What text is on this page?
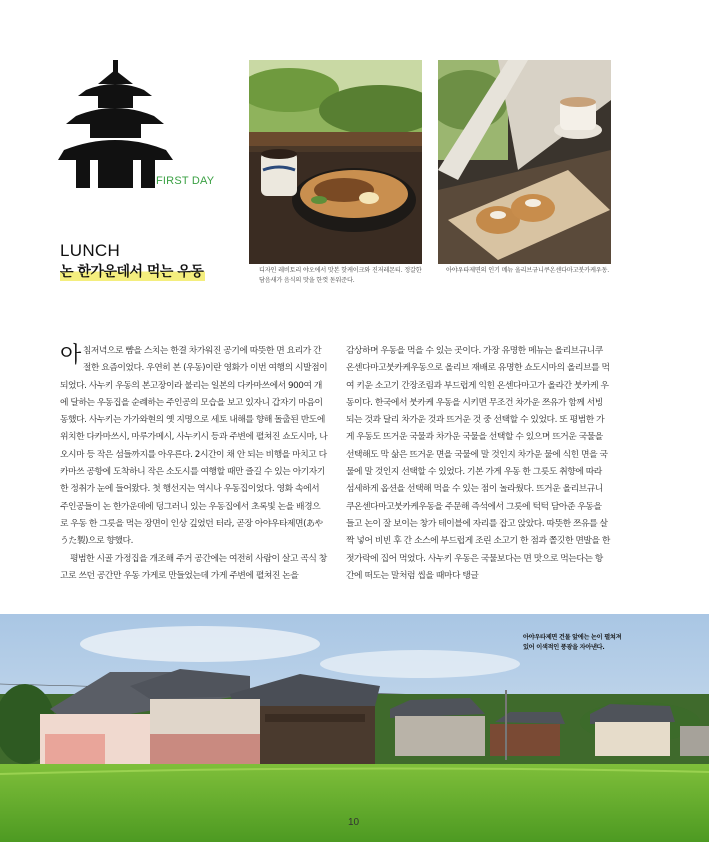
FIRST DAY
LUNCH
논 한가운데서 먹는 우동	디자인 레비토리 야오에서 맛본 핫케이크와 진저레몬티. 정갈한 담음새가 음식의 맛을 한껏 돋워준다.
아야우타제면의 인기 메뉴 올리브규니쿠온센다마고붓카케우동.
아침저녁으로 뺨을 스치는 한결 차가워진 공기에 따뜻한 면 요리가 간절한 요즘이었다. 우연히 본 (우동)이란 영화가 이번 여행의 시발점이 되었다. 사누키 우동의 본고장이라 불리는 일본의 다카마쓰에서 900여 개에 달하는 우동집을 순례하는 주인공의 모습을 보고 있자니 갑자기 마음이 동했다. 사누키는 가가와현의 옛 지명으로 세토 내해를 향해 돌출된 반도에 위치한 다카마쓰시, 마루가메시, 사누키시 등과 주변에 펼쳐진 쇼도시마, 나오시마 등 작은 섬들까지를 아우른다. 2시간이 채 안 되는 비행을 마치고 다카마쓰 공항에 도착하니 작은 소도시를 여행할 때만 즐길 수 있는 아기자기한 정취가 눈에 들어왔다. 첫 행선지는 역시나 우동집이었다. 영화 속에서 주인공들이 논 한가운데에 덩그러니 있는 우동집에서 초록빛 논을 배경으로 우동 한 그릇을 먹는 장면이 인상 깊었던 터라, 곧장 아야우타제면(あやうた製)으로 향했다.
평범한 시골 가정집을 개조해 주거 공간에는 여전히 사람이 살고 곡식 창고로 쓰던 공간만 우동 가게로 만들었는데 가게 주변에 펼쳐진 논을
감상하며 우동을 먹을 수 있는 곳이다. 가장 유명한 메뉴는 올리브규니쿠온센다마고붓카케우동으로 올리브 재배로 유명한 쇼도시마의 올리브를 먹여 키운 소고기 간장조림과 부드럽게 익힌 온센다마고가 올라간 붓카케 우동이다. 한국에서 붓카케 우동을 시키면 무조건 차가운 쯔유가 함께 서빙되는 것과 달리 차가운 것과 뜨거운 것 중 선택할 수 있었다. 또 평범한 가게 우동도 뜨거운 국물과 차가운 국물을 선택할 수 있으며 뜨거운 국물을 선택해도 막 삶은 뜨거운 면을 국물에 말 것인지 차가운 물에 식힌 면을 국물에 말 것인지 선택할 수 있었다. 기본 가게 우동 한 그릇도 취향에 따라 섬세하게 옵션을 선택해 먹을 수 있는 점이 놀라웠다. 뜨거운 올리브규니쿠온센다마고붓카케우동을 주문해 즉석에서 그릇에 턱턱 담아준 우동을 들고 논이 잘 보이는 창가 테이블에 자리를 잡고 앉았다. 따뜻한 쯔유를 살짝 넣어 비빈 후 간 소스에 부드럽게 조린 소고기 한 점과 쫄깃한 면발을 한 젓가락에 집어 먹었다. 사누키 우동은 국물보다는 면 맛으로 먹는다는 항간에 떠도는 말처럼 씹을 때마다 탱글
아야우타제면 건물 앞에는 논이 펼쳐져 있어 이색적인 풍광을 자아낸다.
10
